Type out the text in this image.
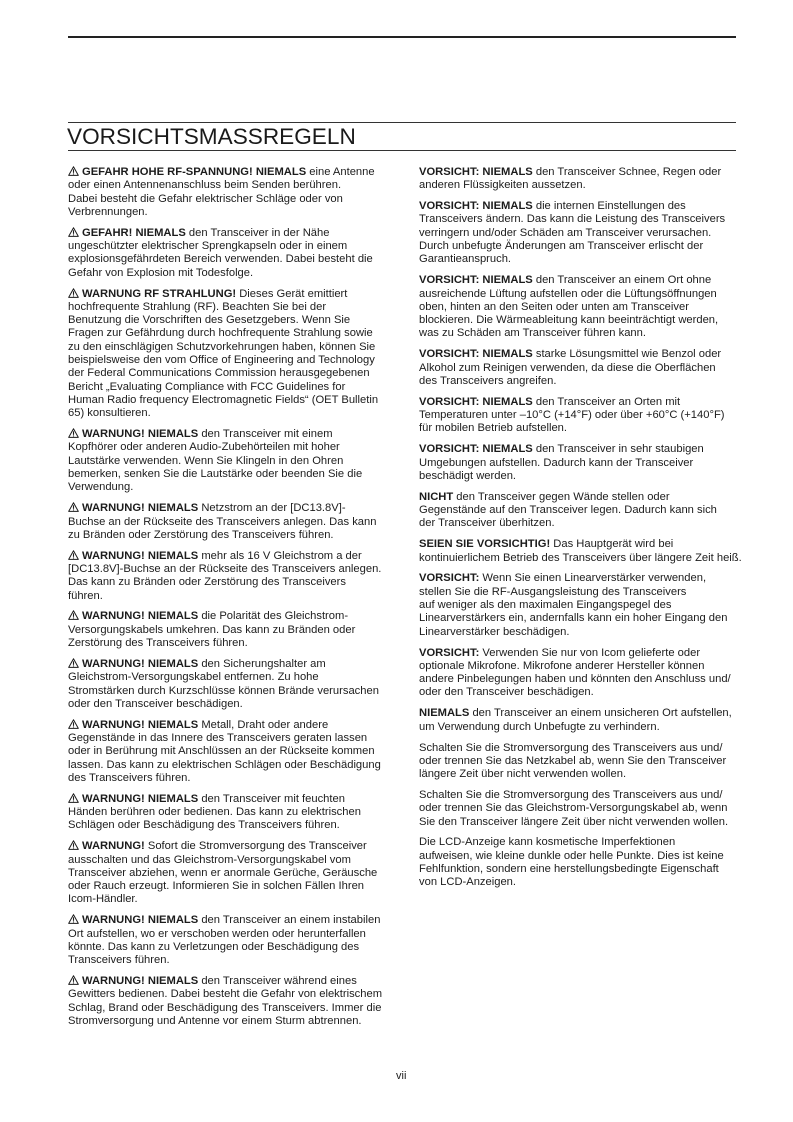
VORSICHTSMASSREGELN

GEFAHR HOHE RF-SPANNUNG! NIEMALS eine Antenne
oder einen Antennenanschluss beim Senden berühren.
Dabei besteht die Gefahr elektrischer Schläge oder von
Verbrennungen.

GEFAHR! NIEMALS den Transceiver in der Nähe
ungeschützter elektrischer Sprengkapseln oder in einem
explosionsgefährdeten Bereich verwenden. Dabei besteht die
Gefahr von Explosion mit Todesfolge.

WARNUNG RF STRAHLUNG! Dieses Gerät emittiert
hochfrequente Strahlung (RF). Beachten Sie bei der
Benutzung die Vorschriften des Gesetzgebers. Wenn Sie
Fragen zur Gefährdung durch hochfrequente Strahlung sowie
zu den einschlägigen Schutzvorkehrungen haben, können Sie
beispielsweise den vom Office of Engineering and Technology
der Federal Communications Commission herausgegebenen
Bericht „Evaluating Compliance with FCC Guidelines for
Human Radio frequency Electromagnetic Fields“ (OET Bulletin
65) konsultieren.

WARNUNG! NIEMALS den Transceiver mit einem
Kopfhörer oder anderen Audio-Zubehörteilen mit hoher
Lautstärke verwenden. Wenn Sie Klingeln in den Ohren
bemerken, senken Sie die Lautstärke oder beenden Sie die
Verwendung.

WARNUNG! NIEMALS Netzstrom an der [DC13.8V]-
Buchse an der Rückseite des Transceivers anlegen. Das kann
zu Bränden oder Zerstörung des Transceivers führen.

WARNUNG! NIEMALS mehr als 16 V Gleichstrom a der
[DC13.8V]-Buchse an der Rückseite des Transceivers anlegen.
Das kann zu Bränden oder Zerstörung des Transceivers
führen.

WARNUNG! NIEMALS die Polarität des Gleichstrom-
Versorgungskabels umkehren. Das kann zu Bränden oder
Zerstörung des Transceivers führen.

WARNUNG! NIEMALS den Sicherungshalter am
Gleichstrom-Versorgungskabel entfernen. Zu hohe
Stromstärken durch Kurzschlüsse können Brände verursachen
oder den Transceiver beschädigen.

WARNUNG! NIEMALS Metall, Draht oder andere
Gegenstände in das Innere des Transceivers geraten lassen
oder in Berührung mit Anschlüssen an der Rückseite kommen
lassen. Das kann zu elektrischen Schlägen oder Beschädigung
des Transceivers führen.

WARNUNG! NIEMALS den Transceiver mit feuchten
Händen berühren oder bedienen. Das kann zu elektrischen
Schlägen oder Beschädigung des Transceivers führen.

WARNUNG! Sofort die Stromversorgung des Transceiver
ausschalten und das Gleichstrom-Versorgungskabel vom
Transceiver abziehen, wenn er anormale Gerüche, Geräusche
oder Rauch erzeugt. Informieren Sie in solchen Fällen Ihren
Icom-Händler.

WARNUNG! NIEMALS den Transceiver an einem instabilen
Ort aufstellen, wo er verschoben werden oder herunterfallen
könnte. Das kann zu Verletzungen oder Beschädigung des
Transceivers führen.

WARNUNG! NIEMALS den Transceiver während eines
Gewitters bedienen. Dabei besteht die Gefahr von elektrischem
Schlag, Brand oder Beschädigung des Transceivers. Immer die
Stromversorgung und Antenne vor einem Sturm abtrennen.

VORSICHT: NIEMALS den Transceiver Schnee, Regen oder
anderen Flüssigkeiten aussetzen.

VORSICHT: NIEMALS die internen Einstellungen des
Transceivers ändern. Das kann die Leistung des Transceivers
verringern und/oder Schäden am Transceiver verursachen.
Durch unbefugte Änderungen am Transceiver erlischt der
Garantieanspruch.

VORSICHT: NIEMALS den Transceiver an einem Ort ohne
ausreichende Lüftung aufstellen oder die Lüftungsöffnungen
oben, hinten an den Seiten oder unten am Transceiver
blockieren. Die Wärmeableitung kann beeinträchtigt werden,
was zu Schäden am Transceiver führen kann.

VORSICHT: NIEMALS starke Lösungsmittel wie Benzol oder
Alkohol zum Reinigen verwenden, da diese die Oberflächen
des Transceivers angreifen.

VORSICHT: NIEMALS den Transceiver an Orten mit
Temperaturen unter –10°C (+14°F) oder über +60°C (+140°F)
für mobilen Betrieb aufstellen.

VORSICHT: NIEMALS den Transceiver in sehr staubigen
Umgebungen aufstellen. Dadurch kann der Transceiver
beschädigt werden.

NICHT den Transceiver gegen Wände stellen oder
Gegenstände auf den Transceiver legen. Dadurch kann sich
der Transceiver überhitzen.

SEIEN SIE VORSICHTIG! Das Hauptgerät wird bei
kontinuierlichem Betrieb des Transceivers über längere Zeit heiß.

VORSICHT: Wenn Sie einen Linearverstärker verwenden,
stellen Sie die RF-Ausgangsleistung des Transceivers
auf weniger als den maximalen Eingangspegel des
Linearverstärkers ein, andernfalls kann ein hoher Eingang den
Linearverstärker beschädigen.

VORSICHT: Verwenden Sie nur von Icom gelieferte oder
optionale Mikrofone. Mikrofone anderer Hersteller können
andere Pinbelegungen haben und könnten den Anschluss und/
oder den Transceiver beschädigen.

NIEMALS den Transceiver an einem unsicheren Ort aufstellen,
um Verwendung durch Unbefugte zu verhindern.

Schalten Sie die Stromversorgung des Transceivers aus und/
oder trennen Sie das Netzkabel ab, wenn Sie den Transceiver
längere Zeit über nicht verwenden wollen.

Schalten Sie die Stromversorgung des Transceivers aus und/
oder trennen Sie das Gleichstrom-Versorgungskabel ab, wenn
Sie den Transceiver längere Zeit über nicht verwenden wollen.

Die LCD-Anzeige kann kosmetische Imperfektionen
aufweisen, wie kleine dunkle oder helle Punkte. Dies ist keine
Fehlfunktion, sondern eine herstellungsbedingte Eigenschaft
von LCD-Anzeigen.

vii
